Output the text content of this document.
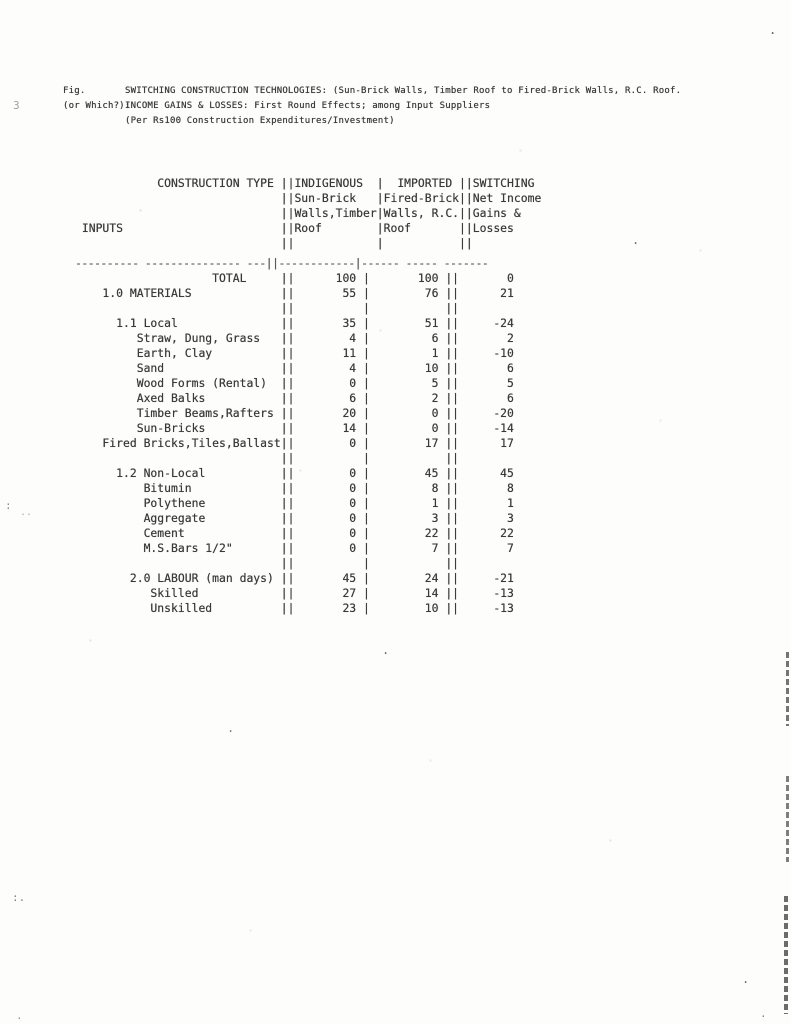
Fig.	SWITCHING CONSTRUCTION TECHNOLOGIES: (Sun-Brick Walls, Timber Roof to Fired-Brick Walls, R.C. Roof.
(or Which?):
INCOME GAINS & LOSSES: First Round Effects; among Input Suppliers
(Per Rs100 Construction Expenditures/Investment)
CONSTRUCTION TYPE ||INDIGENOUS  |  IMPORTED ||SWITCHING
||Sun-Brick   |Fired-Brick||Net Income
||Walls,Timber|Walls, R.C.||Gains &
INPUTS                       ||Roof        |Roof       ||Losses
||            |           ||
---------- --------------- ---||------------|------ ----- -------
TOTAL     ||      100 |       100 ||       0
1.0 MATERIALS             ||       55 |        76 ||      21
||          |           ||
1.1 Local               ||       35 |        51 ||     -24
Straw, Dung, Grass   ||        4 |         6 ||       2
Earth, Clay          ||       11 |         1 ||     -10
Sand                 ||        4 |        10 ||       6
Wood Forms (Rental)  ||        0 |         5 ||       5
Axed Balks           ||        6 |         2 ||       6
Timber Beams,Rafters ||       20 |         0 ||     -20
Sun-Bricks           ||       14 |         0 ||     -14
Fired Bricks,Tiles,Ballast||        0 |        17 ||      17
||          |           ||
1.2 Non-Local           ||        0 |        45 ||      45
Bitumin             ||        0 |         8 ||       8
Polythene           ||        0 |         1 ||       1
Aggregate           ||        0 |         3 ||       3
Cement              ||        0 |        22 ||      22
M.S.Bars 1/2"       ||        0 |         7 ||       7
||          |           ||
2.0 LABOUR (man days) ||       45 |        24 ||     -21
Skilled            ||       27 |        14 ||     -13
Unskilled          ||       23 |        10 ||     -13
.
3
.
:
..
.
.
:.
.
.
.
